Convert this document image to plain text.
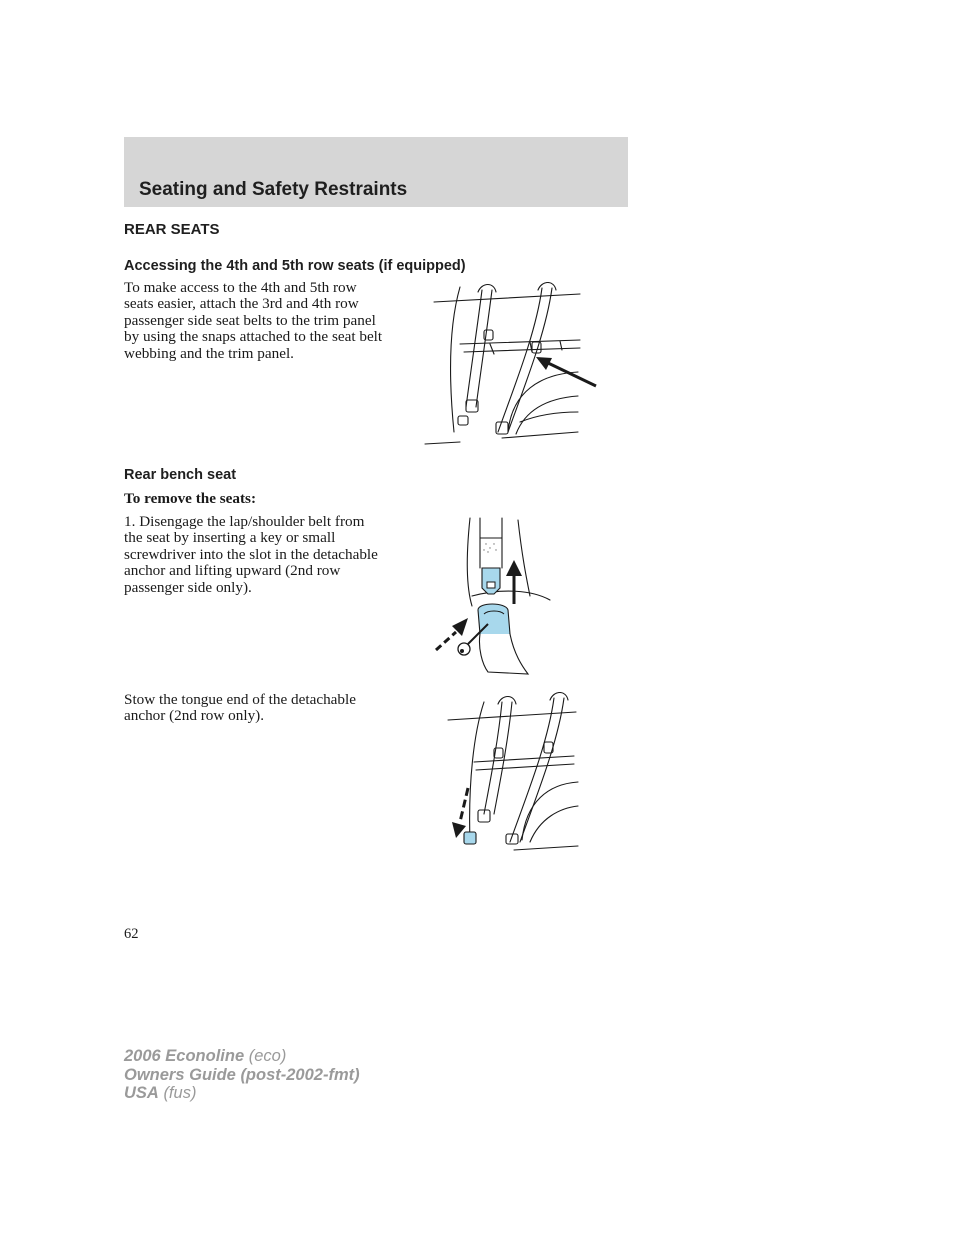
Seating and Safety Restraints
REAR SEATS
Accessing the 4th and 5th row seats (if equipped)

To make access to the 4th and 5th row seats easier, attach the 3rd and 4th row passenger side seat belts to the trim panel by using the snaps attached to the seat belt webbing and the trim panel.

Rear bench seat

To remove the seats:

1. Disengage the lap/shoulder belt from the seat by inserting a key or small screwdriver into the slot in the detachable anchor and lifting upward (2nd row passenger side only).

Stow the tongue end of the detachable anchor (2nd row only).

62

2006 Econoline (eco)
Owners Guide (post-2002-fmt)
USA (fus)
